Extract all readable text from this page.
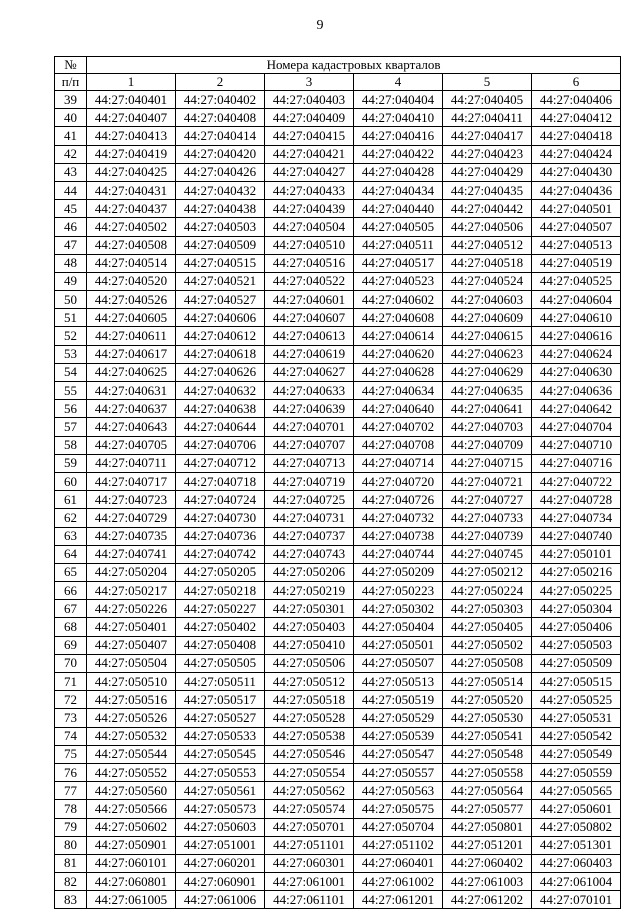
9
№	Номера кадастровых кварталов					
п/п	1	2	3	4	5	6
39	44:27:040401	44:27:040402	44:27:040403	44:27:040404	44:27:040405	44:27:040406
40	44:27:040407	44:27:040408	44:27:040409	44:27:040410	44:27:040411	44:27:040412
41	44:27:040413	44:27:040414	44:27:040415	44:27:040416	44:27:040417	44:27:040418
42	44:27:040419	44:27:040420	44:27:040421	44:27:040422	44:27:040423	44:27:040424
43	44:27:040425	44:27:040426	44:27:040427	44:27:040428	44:27:040429	44:27:040430
44	44:27:040431	44:27:040432	44:27:040433	44:27:040434	44:27:040435	44:27:040436
45	44:27:040437	44:27:040438	44:27:040439	44:27:040440	44:27:040442	44:27:040501
46	44:27:040502	44:27:040503	44:27:040504	44:27:040505	44:27:040506	44:27:040507
47	44:27:040508	44:27:040509	44:27:040510	44:27:040511	44:27:040512	44:27:040513
48	44:27:040514	44:27:040515	44:27:040516	44:27:040517	44:27:040518	44:27:040519
49	44:27:040520	44:27:040521	44:27:040522	44:27:040523	44:27:040524	44:27:040525
50	44:27:040526	44:27:040527	44:27:040601	44:27:040602	44:27:040603	44:27:040604
51	44:27:040605	44:27:040606	44:27:040607	44:27:040608	44:27:040609	44:27:040610
52	44:27:040611	44:27:040612	44:27:040613	44:27:040614	44:27:040615	44:27:040616
53	44:27:040617	44:27:040618	44:27:040619	44:27:040620	44:27:040623	44:27:040624
54	44:27:040625	44:27:040626	44:27:040627	44:27:040628	44:27:040629	44:27:040630
55	44:27:040631	44:27:040632	44:27:040633	44:27:040634	44:27:040635	44:27:040636
56	44:27:040637	44:27:040638	44:27:040639	44:27:040640	44:27:040641	44:27:040642
57	44:27:040643	44:27:040644	44:27:040701	44:27:040702	44:27:040703	44:27:040704
58	44:27:040705	44:27:040706	44:27:040707	44:27:040708	44:27:040709	44:27:040710
59	44:27:040711	44:27:040712	44:27:040713	44:27:040714	44:27:040715	44:27:040716
60	44:27:040717	44:27:040718	44:27:040719	44:27:040720	44:27:040721	44:27:040722
61	44:27:040723	44:27:040724	44:27:040725	44:27:040726	44:27:040727	44:27:040728
62	44:27:040729	44:27:040730	44:27:040731	44:27:040732	44:27:040733	44:27:040734
63	44:27:040735	44:27:040736	44:27:040737	44:27:040738	44:27:040739	44:27:040740
64	44:27:040741	44:27:040742	44:27:040743	44:27:040744	44:27:040745	44:27:050101
65	44:27:050204	44:27:050205	44:27:050206	44:27:050209	44:27:050212	44:27:050216
66	44:27:050217	44:27:050218	44:27:050219	44:27:050223	44:27:050224	44:27:050225
67	44:27:050226	44:27:050227	44:27:050301	44:27:050302	44:27:050303	44:27:050304
68	44:27:050401	44:27:050402	44:27:050403	44:27:050404	44:27:050405	44:27:050406
69	44:27:050407	44:27:050408	44:27:050410	44:27:050501	44:27:050502	44:27:050503
70	44:27:050504	44:27:050505	44:27:050506	44:27:050507	44:27:050508	44:27:050509
71	44:27:050510	44:27:050511	44:27:050512	44:27:050513	44:27:050514	44:27:050515
72	44:27:050516	44:27:050517	44:27:050518	44:27:050519	44:27:050520	44:27:050525
73	44:27:050526	44:27:050527	44:27:050528	44:27:050529	44:27:050530	44:27:050531
74	44:27:050532	44:27:050533	44:27:050538	44:27:050539	44:27:050541	44:27:050542
75	44:27:050544	44:27:050545	44:27:050546	44:27:050547	44:27:050548	44:27:050549
76	44:27:050552	44:27:050553	44:27:050554	44:27:050557	44:27:050558	44:27:050559
77	44:27:050560	44:27:050561	44:27:050562	44:27:050563	44:27:050564	44:27:050565
78	44:27:050566	44:27:050573	44:27:050574	44:27:050575	44:27:050577	44:27:050601
79	44:27:050602	44:27:050603	44:27:050701	44:27:050704	44:27:050801	44:27:050802
80	44:27:050901	44:27:051001	44:27:051101	44:27:051102	44:27:051201	44:27:051301
81	44:27:060101	44:27:060201	44:27:060301	44:27:060401	44:27:060402	44:27:060403
82	44:27:060801	44:27:060901	44:27:061001	44:27:061002	44:27:061003	44:27:061004
83	44:27:061005	44:27:061006	44:27:061101	44:27:061201	44:27:061202	44:27:070101
